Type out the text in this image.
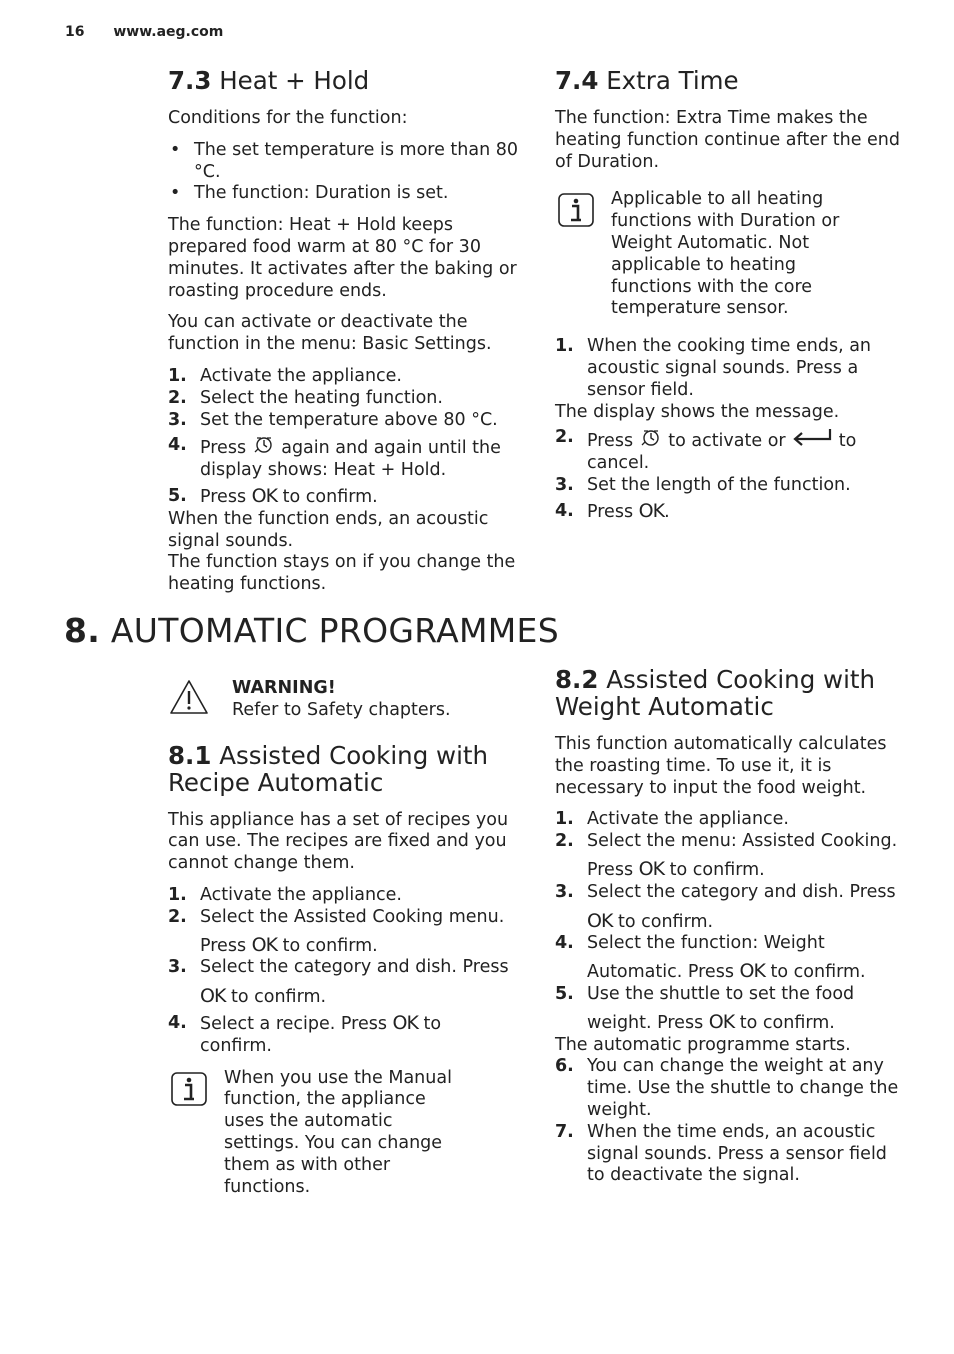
16 www.aeg.com
7.3 Heat + Hold

Conditions for the function:

• The set temperature is more than 80 °C.
• The function: Duration is set.

The function: Heat + Hold keeps prepared food warm at 80 °C for 30 minutes. It activates after the baking or roasting procedure ends.

You can activate or deactivate the function in the menu: Basic Settings.

1. Activate the appliance.
2. Select the heating function.
3. Set the temperature above 80 °C.
4. Press again and again until the display shows: Heat + Hold.
5. Press OK to confirm.
When the function ends, an acoustic signal sounds.
The function stays on if you change the heating functions.
7.4 Extra Time

The function: Extra Time makes the heating function continue after the end of Duration.

Applicable to all heating functions with Duration or Weight Automatic. Not applicable to heating functions with the core temperature sensor.
1. When the cooking time ends, an acoustic signal sounds. Press a sensor field.
The display shows the message.
2. Press to activate or	to cancel.
3. Set the length of the function.
4. Press OK.
8. AUTOMATIC PROGRAMMES
WARNING!
Refer to Safety chapters.
8.1 Assisted Cooking with Recipe Automatic

This appliance has a set of recipes you can use. The recipes are fixed and you cannot change them.

1. Activate the appliance.
2. Select the Assisted Cooking menu.
Press OK to confirm.
3. Select the category and dish. Press
OK to confirm.
4. Select a recipe. Press OK to confirm.
When you use the Manual function, the appliance uses the automatic settings. You can change them as with other functions.
8.2 Assisted Cooking with Weight Automatic

This function automatically calculates the roasting time. To use it, it is necessary to input the food weight.

1. Activate the appliance.
2. Select the menu: Assisted Cooking.
Press OK to confirm.
3. Select the category and dish. Press
OK to confirm.
4. Select the function: Weight
Automatic. Press OK to confirm.
5. Use the shuttle to set the food
weight. Press OK to confirm.
The automatic programme starts.
6. You can change the weight at any time. Use the shuttle to change the weight.
7. When the time ends, an acoustic signal sounds. Press a sensor field to deactivate the signal.
